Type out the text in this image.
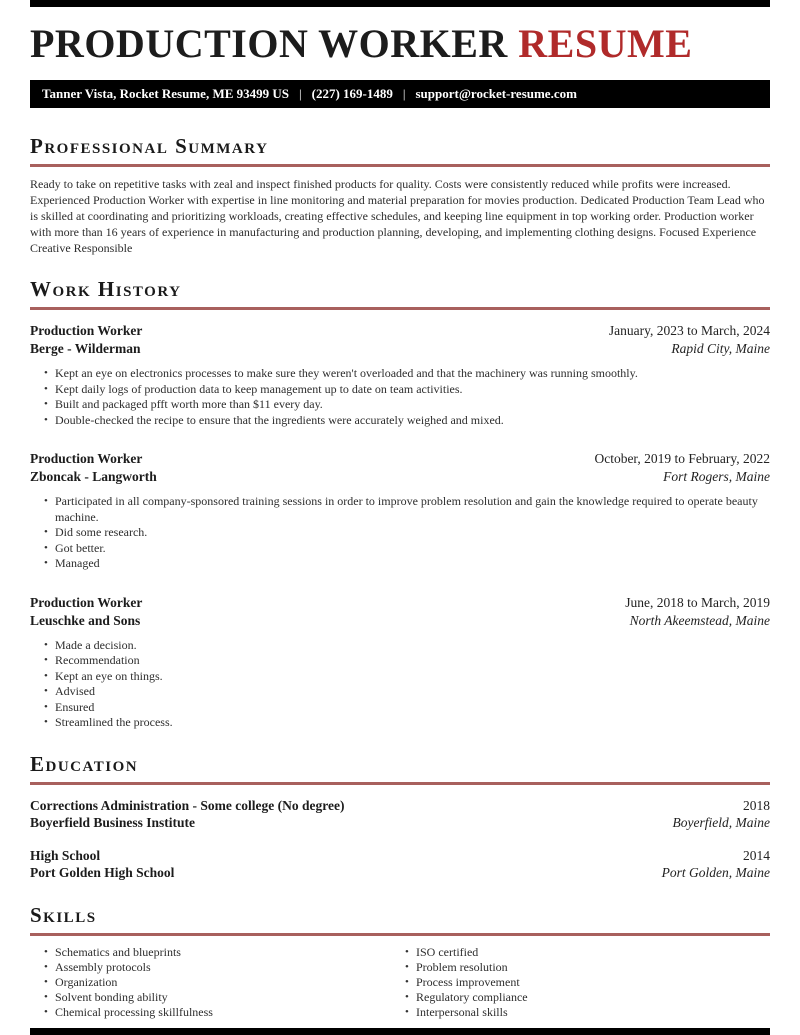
PRODUCTION WORKER RESUME
Tanner Vista, Rocket Resume, ME 93499 US | (227) 169-1489 | support@rocket-resume.com
Professional Summary

Ready to take on repetitive tasks with zeal and inspect finished products for quality. Costs were consistently reduced while profits were increased. Experienced Production Worker with expertise in line monitoring and material preparation for movies production. Dedicated Production Team Lead who is skilled at coordinating and prioritizing workloads, creating effective schedules, and keeping line equipment in top working order. Production worker with more than 16 years of experience in manufacturing and production planning, developing, and implementing clothing designs. Focused Experience Creative Responsible

Work History
Production Worker	January, 2023 to March, 2024
Berge - Wilderman	Rapid City, Maine
• Kept an eye on electronics processes to make sure they weren't overloaded and that the machinery was running smoothly.
• Kept daily logs of production data to keep management up to date on team activities.
• Built and packaged pfft worth more than $11 every day.
• Double-checked the recipe to ensure that the ingredients were accurately weighed and mixed.
Production Worker	October, 2019 to February, 2022
Zboncak - Langworth	Fort Rogers, Maine
• Participated in all company-sponsored training sessions in order to improve problem resolution and gain the knowledge required to operate beauty machine.
• Did some research.
• Got better.
• Managed
Production Worker	June, 2018 to March, 2019
Leuschke and Sons	North Akeemstead, Maine
• Made a decision.
• Recommendation
• Kept an eye on things.
• Advised
• Ensured
• Streamlined the process.
Education
Corrections Administration - Some college (No degree)	2018
Boyerfield Business Institute	Boyerfield, Maine
High School	2014
Port Golden High School	Port Golden, Maine
Skills
• Schematics and blueprints
• Assembly protocols
• Organization
• Solvent bonding ability
• Chemical processing skillfulness
• ISO certified
• Problem resolution
• Process improvement
• Regulatory compliance
• Interpersonal skills
